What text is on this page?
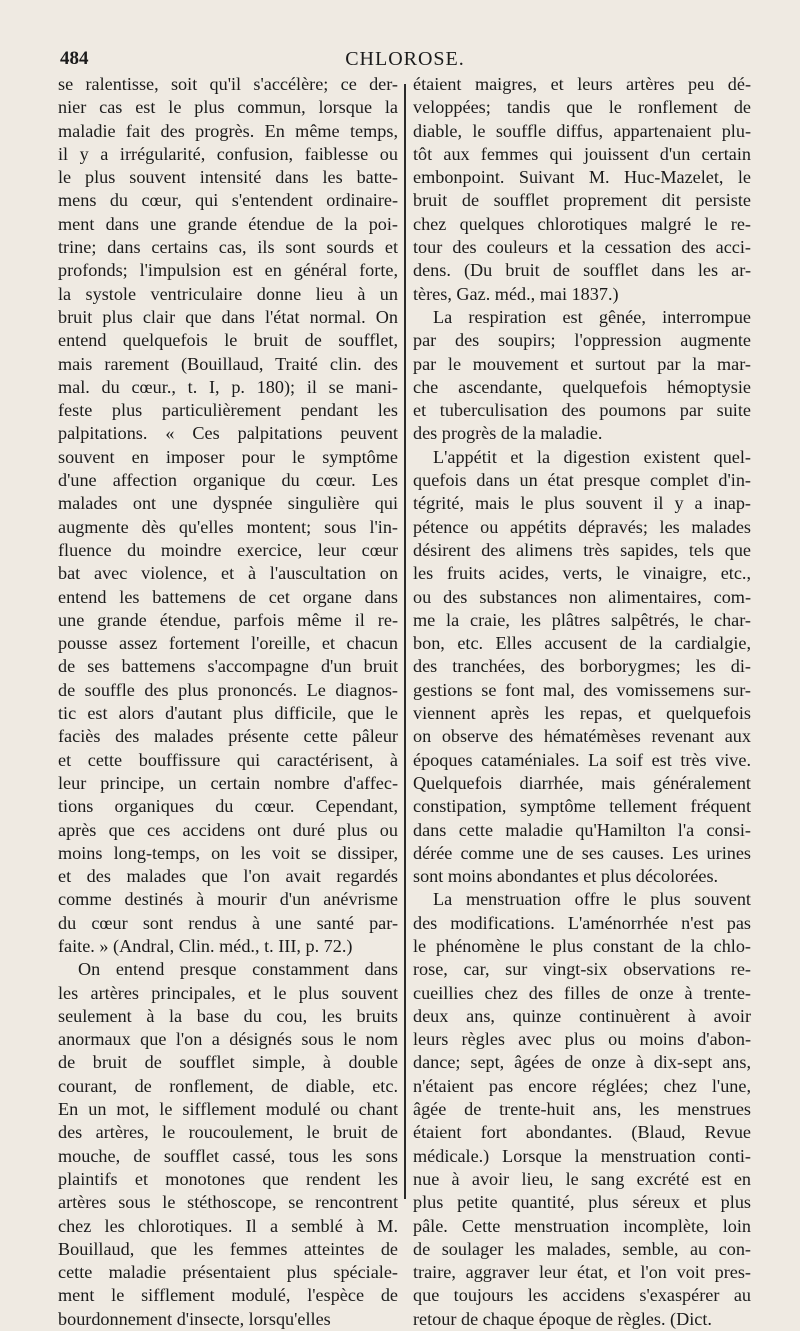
484	CHLOROSE.
se ralentisse, soit qu'il s'accélère; ce der-
nier cas est le plus commun, lorsque la
maladie fait des progrès. En même temps,
il y a irrégularité, confusion, faiblesse ou
le plus souvent intensité dans les batte-
mens du cœur, qui s'entendent ordinaire-
ment dans une grande étendue de la poi-
trine; dans certains cas, ils sont sourds et
profonds; l'impulsion est en général forte,
la systole ventriculaire donne lieu à un
bruit plus clair que dans l'état normal. On
entend quelquefois le bruit de soufflet,
mais rarement (Bouillaud, Traité clin. des
mal. du cœur., t. I, p. 180); il se mani-
feste plus particulièrement pendant les
palpitations. « Ces palpitations peuvent
souvent en imposer pour le symptôme
d'une affection organique du cœur. Les
malades ont une dyspnée singulière qui
augmente dès qu'elles montent; sous l'in-
fluence du moindre exercice, leur cœur
bat avec violence, et à l'auscultation on
entend les battemens de cet organe dans
une grande étendue, parfois même il re-
pousse assez fortement l'oreille, et chacun
de ses battemens s'accompagne d'un bruit
de souffle des plus prononcés. Le diagnos-
tic est alors d'autant plus difficile, que le
faciès des malades présente cette pâleur
et cette bouffissure qui caractérisent, à
leur principe, un certain nombre d'affec-
tions organiques du cœur. Cependant,
après que ces accidens ont duré plus ou
moins long-temps, on les voit se dissiper,
et des malades que l'on avait regardés
comme destinés à mourir d'un anévrisme
du cœur sont rendus à une santé par-
faite. » (Andral, Clin. méd., t. III, p. 72.)
On entend presque constamment dans
les artères principales, et le plus souvent
seulement à la base du cou, les bruits
anormaux que l'on a désignés sous le nom
de bruit de soufflet simple, à double
courant, de ronflement, de diable, etc.
En un mot, le sifflement modulé ou chant
des artères, le roucoulement, le bruit de
mouche, de soufflet cassé, tous les sons
plaintifs et monotones que rendent les
artères sous le stéthoscope, se rencontrent
chez les chlorotiques. Il a semblé à M.
Bouillaud, que les femmes atteintes de
cette maladie présentaient plus spéciale-
ment le sifflement modulé, l'espèce de
bourdonnement d'insecte, lorsqu'elles
étaient maigres, et leurs artères peu dé-
veloppées; tandis que le ronflement de
diable, le souffle diffus, appartenaient plu-
tôt aux femmes qui jouissent d'un certain
embonpoint. Suivant M. Huc-Mazelet, le
bruit de soufflet proprement dit persiste
chez quelques chlorotiques malgré le re-
tour des couleurs et la cessation des acci-
dens. (Du bruit de soufflet dans les ar-
tères, Gaz. méd., mai 1837.)
La respiration est gênée, interrompue
par des soupirs; l'oppression augmente
par le mouvement et surtout par la mar-
che ascendante, quelquefois hémoptysie
et tuberculisation des poumons par suite
des progrès de la maladie.
L'appétit et la digestion existent quel-
quefois dans un état presque complet d'in-
tégrité, mais le plus souvent il y a inap-
pétence ou appétits dépravés; les malades
désirent des alimens très sapides, tels que
les fruits acides, verts, le vinaigre, etc.,
ou des substances non alimentaires, com-
me la craie, les plâtres salpêtrés, le char-
bon, etc. Elles accusent de la cardialgie,
des tranchées, des borborygmes; les di-
gestions se font mal, des vomissemens sur-
viennent après les repas, et quelquefois
on observe des hématémèses revenant aux
époques cataméniales. La soif est très vive.
Quelquefois diarrhée, mais généralement
constipation, symptôme tellement fréquent
dans cette maladie qu'Hamilton l'a consi-
dérée comme une de ses causes. Les urines
sont moins abondantes et plus décolorées.
La menstruation offre le plus souvent
des modifications. L'aménorrhée n'est pas
le phénomène le plus constant de la chlo-
rose, car, sur vingt-six observations re-
cueillies chez des filles de onze à trente-
deux ans, quinze continuèrent à avoir
leurs règles avec plus ou moins d'abon-
dance; sept, âgées de onze à dix-sept ans,
n'étaient pas encore réglées; chez l'une,
âgée de trente-huit ans, les menstrues
étaient fort abondantes. (Blaud, Revue
médicale.) Lorsque la menstruation conti-
nue à avoir lieu, le sang excrété est en
plus petite quantité, plus séreux et plus
pâle. Cette menstruation incomplète, loin
de soulager les malades, semble, au con-
traire, aggraver leur état, et l'on voit pres-
que toujours les accidens s'exaspérer au
retour de chaque époque de règles. (Dict.
